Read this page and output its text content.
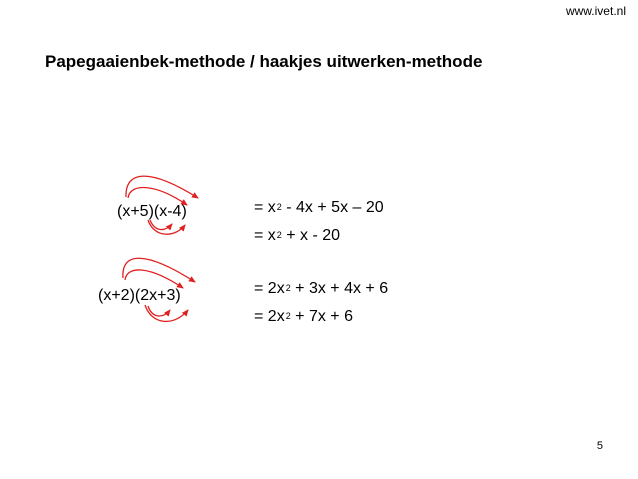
www.ivet.nl
Papegaaienbek-methode / haakjes uitwerken-methode
(x+5)(x-4)
(x+2)(2x+3)
= $x^2 - 4x + 5x - 20$
= $x^2 + x - 20$
= $2x^2 + 3x + 4x + 6$
= $2x^2 + 7x + 6$
5
